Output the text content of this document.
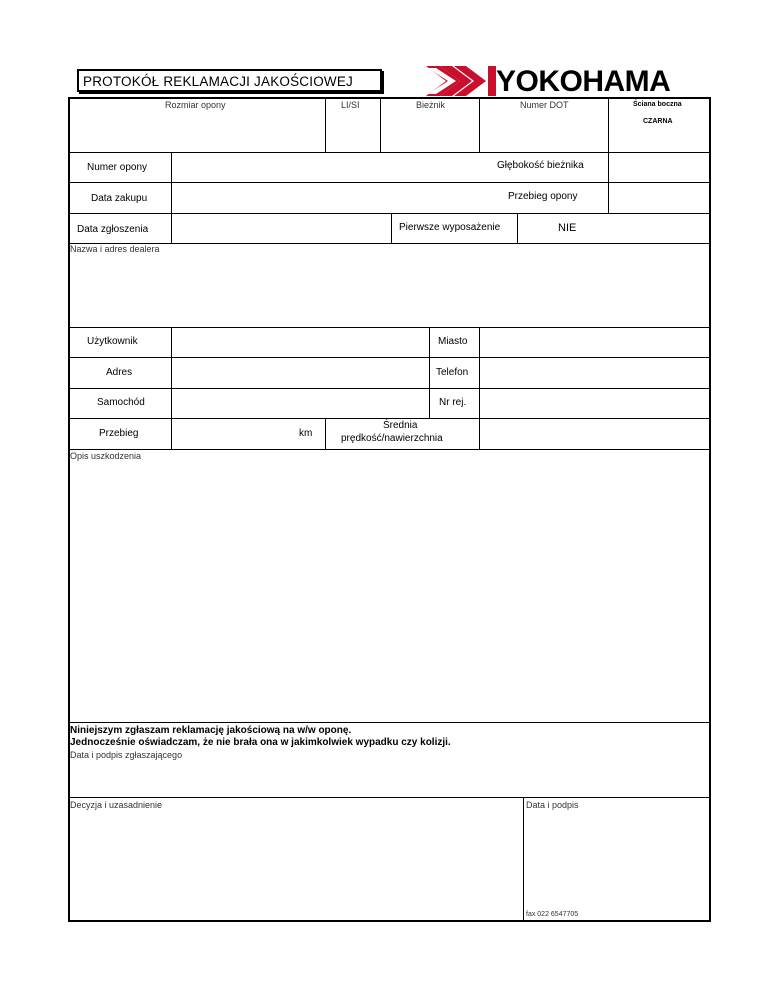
PROTOKÓŁ REKLAMACJI JAKOŚCIOWEJ	YOKOHAMA
Rozmiar opony	LI/SI	Bieżnik	Numer DOT	Ściana boczna
CZARNA
Numer opony	Głębokość bieżnika
Data zakupu	Przebieg opony
Data zgłoszenia	Pierwsze wyposażenie	NIE
Nazwa i adres dealera
Użytkownik	Miasto
Adres	Telefon
Samochód	Nr rej.
Przebieg	km
Średnia
prędkość/nawierzchnia
Opis uszkodzenia
Niniejszym zgłaszam reklamację jakościową na w/w oponę.
Jednocześnie oświadczam, że nie brała ona w jakimkolwiek wypadku czy kolizji.
Data i podpis zgłaszającego
Decyzja i uzasadnienie	Data i podpis
fax 022 6547705
